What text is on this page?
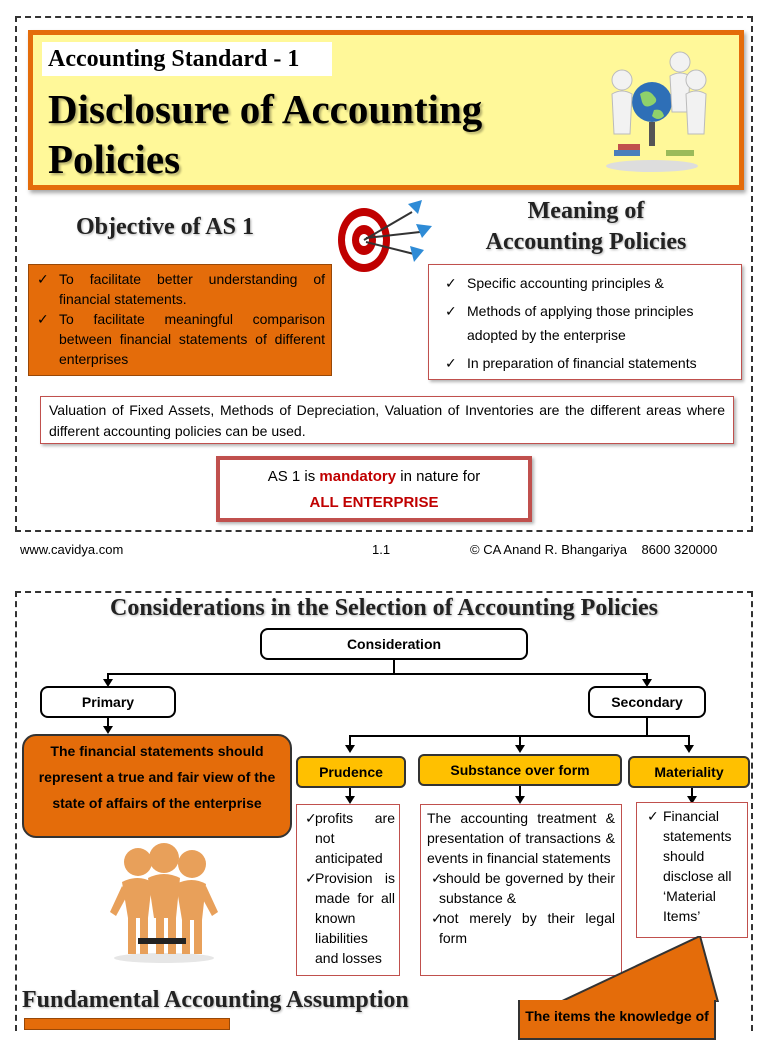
Accounting Standard - 1
Disclosure of Accounting
Policies
Objective of AS 1
Meaning of
Accounting Policies
✓ To facilitate better understanding of financial statements.
✓ To facilitate meaningful comparison between financial statements of different enterprises
✓ Specific accounting principles &
✓ Methods of applying those principles adopted by the enterprise
✓ In preparation of financial statements
Valuation of Fixed Assets, Methods of Depreciation, Valuation of Inventories are the different areas where different accounting policies can be used.
AS 1 is mandatory in nature for
ALL ENTERPRISE
www.cavidya.com	1.1	© CA Anand R. Bhangariya    8600 320000
Considerations in the Selection of Accounting Policies
Consideration
Primary	Secondary
The financial statements should represent a true and fair view of the state of affairs of the enterprise
Prudence	Substance over form	Materiality
✓ profits are not anticipated
✓ Provision is made for all known liabilities and losses
The accounting treatment & presentation of transactions & events in financial statements
✓ should be governed by their substance &
✓ not merely by their legal form
✓ Financial statements should disclose all ‘Material Items’
The items the knowledge of
Fundamental Accounting Assumption
